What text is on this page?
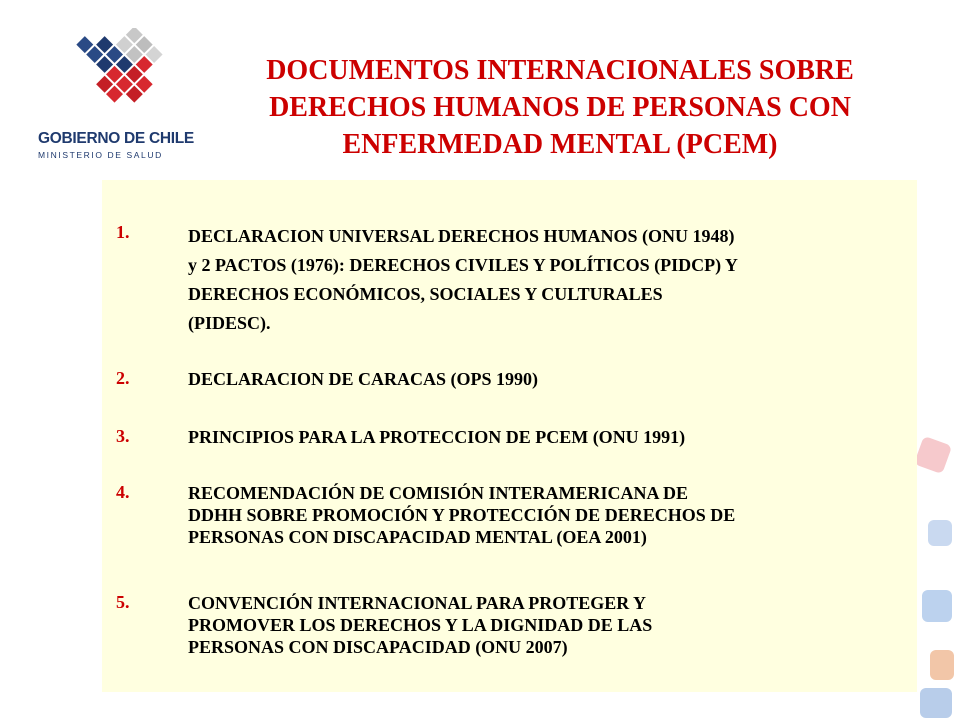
GOBIERNO DE CHILE
MINISTERIO DE SALUD
DOCUMENTOS INTERNACIONALES SOBRE
DERECHOS HUMANOS DE PERSONAS CON
ENFERMEDAD MENTAL (PCEM)
1.	DECLARACION UNIVERSAL DERECHOS HUMANOS (ONU 1948)
y 2 PACTOS (1976): DERECHOS CIVILES Y POLÍTICOS (PIDCP) Y
DERECHOS ECONÓMICOS, SOCIALES Y CULTURALES
(PIDESC).
2.	DECLARACION DE CARACAS (OPS 1990)
3.	PRINCIPIOS PARA LA PROTECCION DE PCEM (ONU 1991)
4.	RECOMENDACIÓN DE COMISIÓN INTERAMERICANA DE
DDHH SOBRE PROMOCIÓN Y PROTECCIÓN DE DERECHOS DE
PERSONAS CON DISCAPACIDAD MENTAL (OEA 2001)
5.	CONVENCIÓN INTERNACIONAL PARA PROTEGER Y
PROMOVER LOS DERECHOS Y LA DIGNIDAD DE LAS
PERSONAS CON DISCAPACIDAD (ONU 2007)
